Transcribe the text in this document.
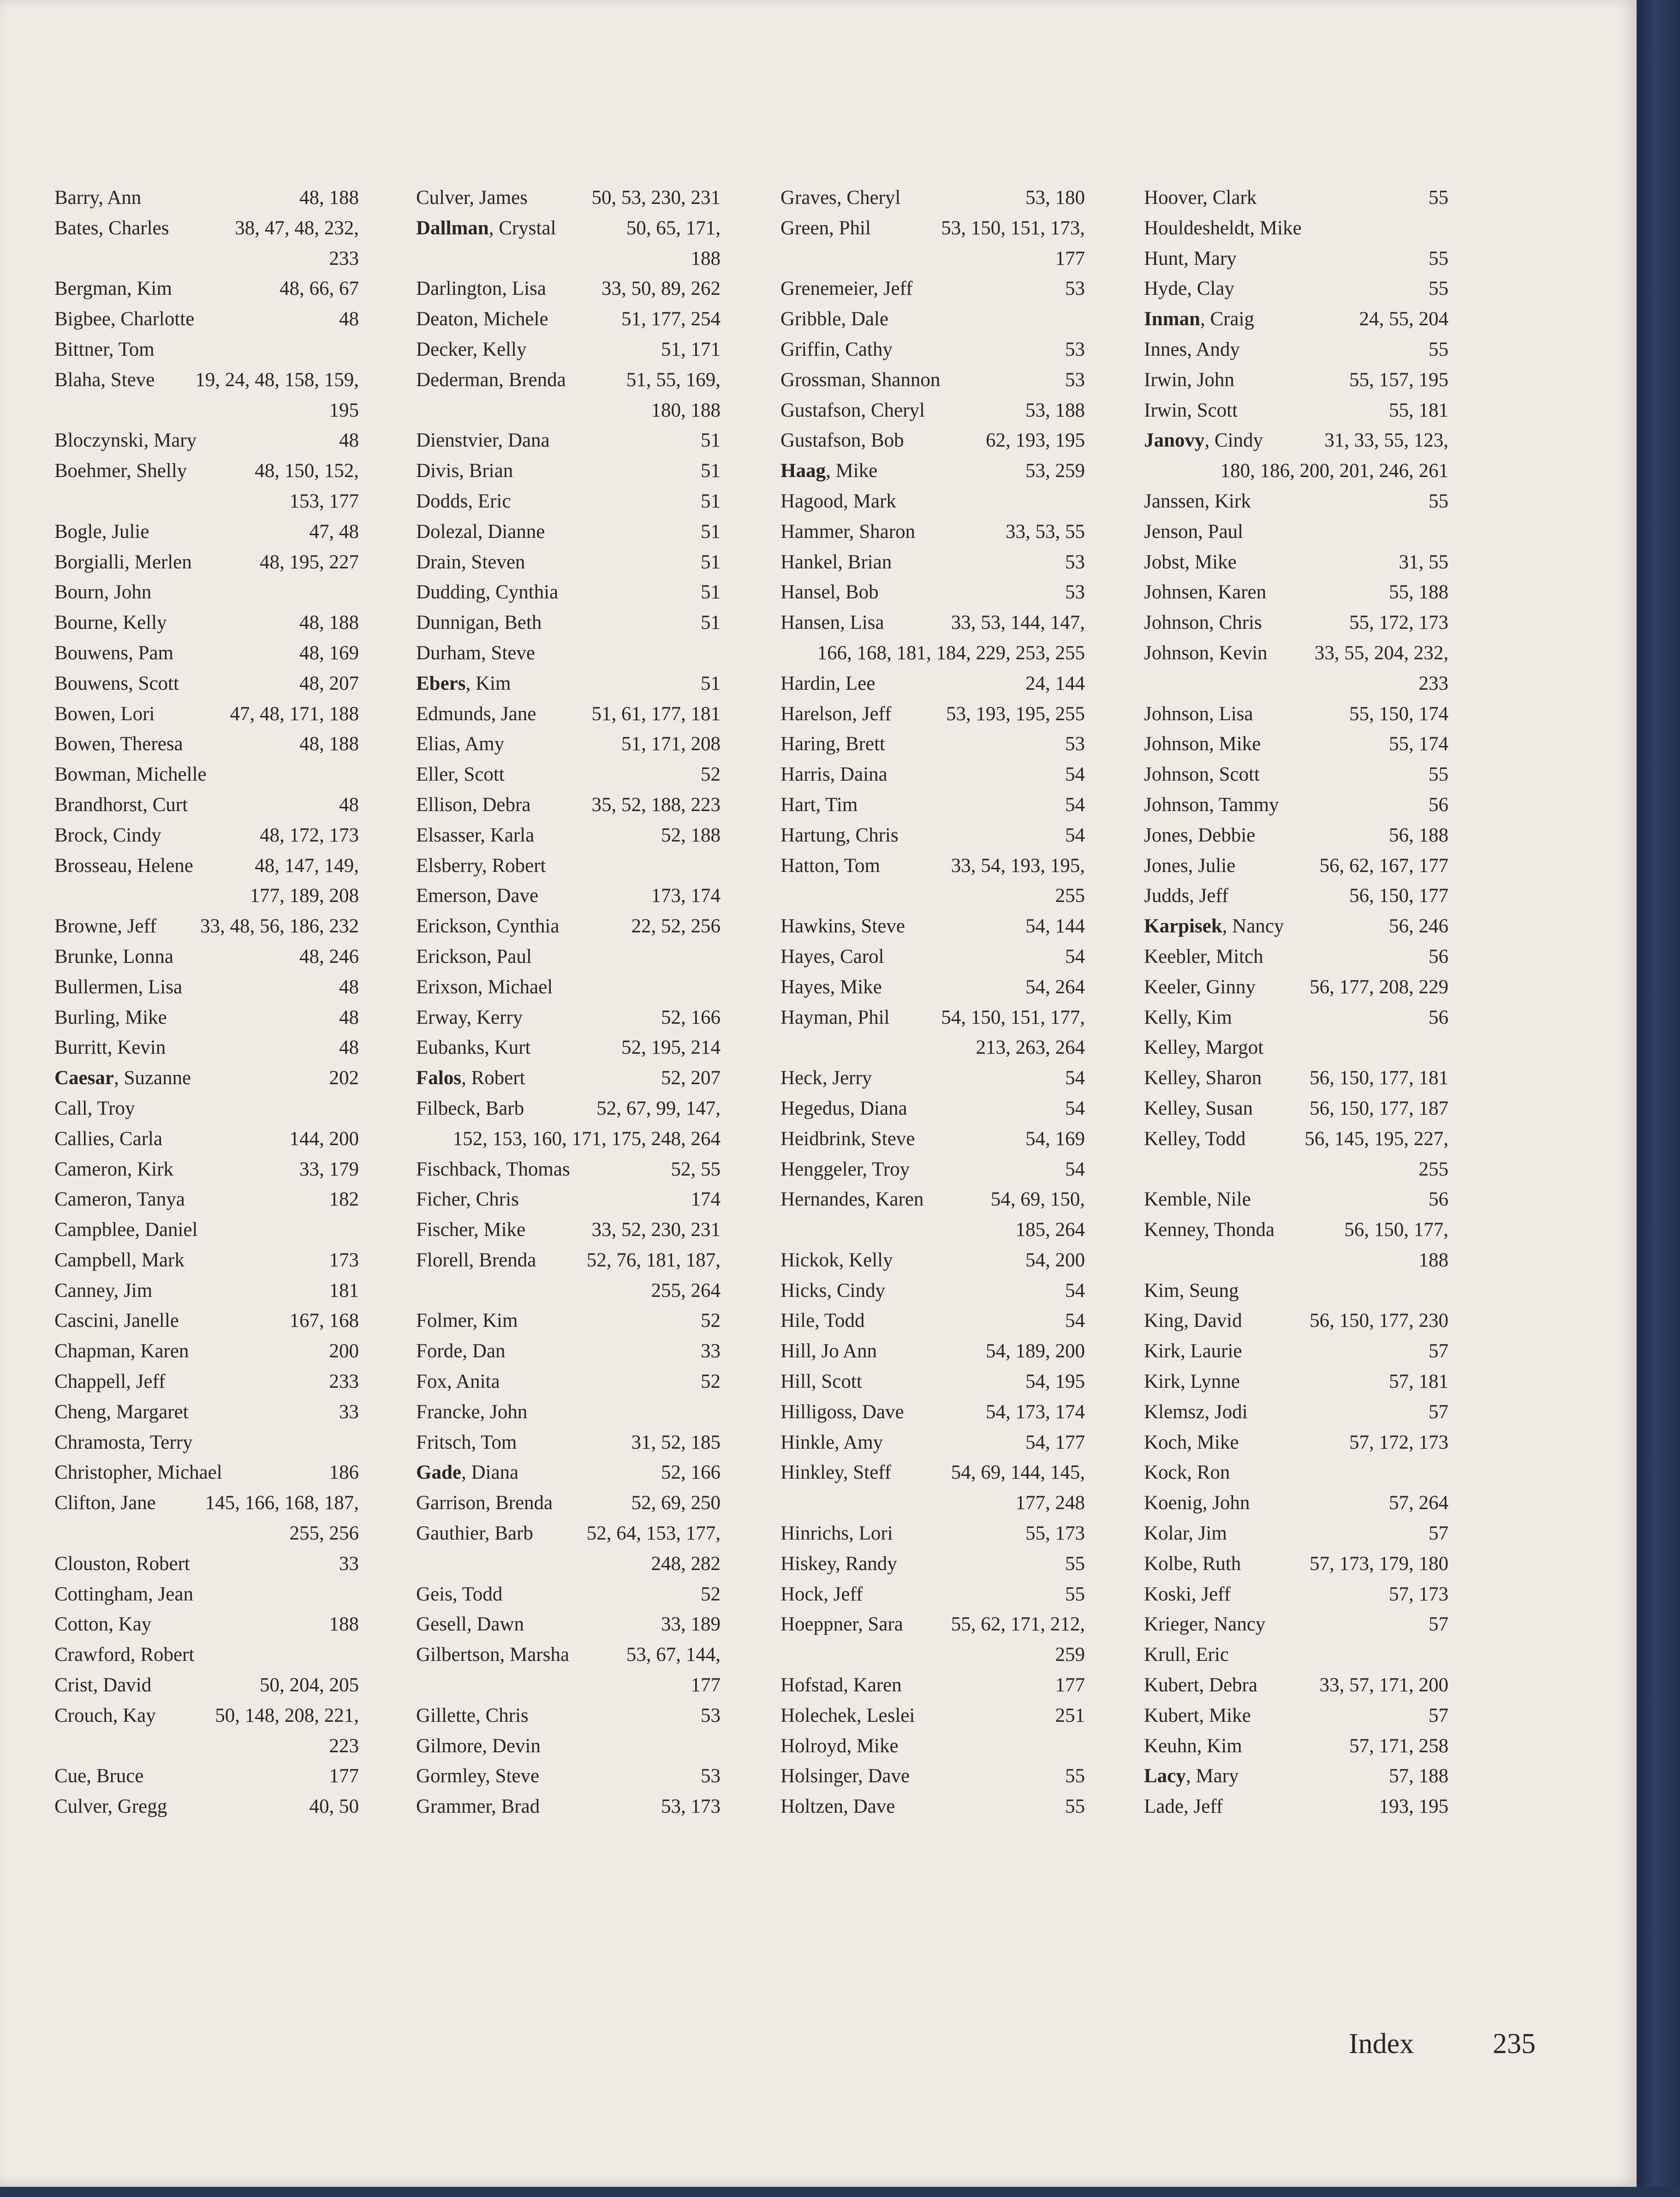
Barry, Ann	48, 188
Bates, Charles	38, 47, 48, 232,
233
Bergman, Kim	48, 66, 67
Bigbee, Charlotte	48
Bittner, Tom
Blaha, Steve 19, 24, 48, 158, 159,
195
Bloczynski, Mary	48
Boehmer, Shelly	48, 150, 152,
153, 177
Bogle, Julie	47, 48
Borgialli, Merlen	48, 195, 227
Bourn, John
Bourne, Kelly	48, 188
Bouwens, Pam	48, 169
Bouwens, Scott	48, 207
Bowen, Lori	47, 48, 171, 188
Bowen, Theresa	48, 188
Bowman, Michelle
Brandhorst, Curt	48
Brock, Cindy	48, 172, 173
Brosseau, Helene	48, 147, 149,
177, 189, 208
Browne, Jeff 33, 48, 56, 186, 232
Brunke, Lonna	48, 246
Bullermen, Lisa	48
Burling, Mike	48
Burritt, Kevin	48
Caesar, Suzanne	202
Call, Troy
Callies, Carla	144, 200
Cameron, Kirk	33, 179
Cameron, Tanya	182
Campblee, Daniel
Campbell, Mark	173
Canney, Jim	181
Cascini, Janelle	167, 168
Chapman, Karen	200
Chappell, Jeff	233
Cheng, Margaret	33
Chramosta, Terry
Christopher, Michael	186
Clifton, Jane 145, 166, 168, 187,
255, 256
Clouston, Robert	33
Cottingham, Jean
Cotton, Kay	188
Crawford, Robert
Crist, David	50, 204, 205
Crouch, Kay	50, 148, 208, 221,
223
Cue, Bruce	177
Culver, Gregg	40, 50
Culver, James	50, 53, 230, 231
Dallman, Crystal	50, 65, 171,
188
Darlington, Lisa	33, 50, 89, 262
Deaton, Michele	51, 177, 254
Decker, Kelly	51, 171
Dederman, Brenda	51, 55, 169,
180, 188
Dienstvier, Dana	51
Divis, Brian	51
Dodds, Eric	51
Dolezal, Dianne	51
Drain, Steven	51
Dudding, Cynthia	51
Dunnigan, Beth	51
Durham, Steve
Ebers, Kim	51
Edmunds, Jane	51, 61, 177, 181
Elias, Amy	51, 171, 208
Eller, Scott	52
Ellison, Debra	35, 52, 188, 223
Elsasser, Karla	52, 188
Elsberry, Robert
Emerson, Dave	173, 174
Erickson, Cynthia	22, 52, 256
Erickson, Paul
Erixson, Michael
Erway, Kerry	52, 166
Eubanks, Kurt	52, 195, 214
Falos, Robert	52, 207
Filbeck, Barb	52, 67, 99, 147,
152, 153, 160, 171, 175, 248, 264
Fischback, Thomas	52, 55
Ficher, Chris	174
Fischer, Mike	33, 52, 230, 231
Florell, Brenda	52, 76, 181, 187,
255, 264
Folmer, Kim	52
Forde, Dan	33
Fox, Anita	52
Francke, John
Fritsch, Tom	31, 52, 185
Gade, Diana	52, 166
Garrison, Brenda	52, 69, 250
Gauthier, Barb	52, 64, 153, 177,
248, 282
Geis, Todd	52
Gesell, Dawn	33, 189
Gilbertson, Marsha	53, 67, 144,
177
Gillette, Chris	53
Gilmore, Devin
Gormley, Steve	53
Grammer, Brad	53, 173
Graves, Cheryl	53, 180
Green, Phil	53, 150, 151, 173,
177
Grenemeier, Jeff	53
Gribble, Dale
Griffin, Cathy	53
Grossman, Shannon	53
Gustafson, Cheryl	53, 188
Gustafson, Bob	62, 193, 195
Haag, Mike	53, 259
Hagood, Mark
Hammer, Sharon	33, 53, 55
Hankel, Brian	53
Hansel, Bob	53
Hansen, Lisa	33, 53, 144, 147,
166, 168, 181, 184, 229, 253, 255
Hardin, Lee	24, 144
Harelson, Jeff	53, 193, 195, 255
Haring, Brett	53
Harris, Daina	54
Hart, Tim	54
Hartung, Chris	54
Hatton, Tom	33, 54, 193, 195,
255
Hawkins, Steve	54, 144
Hayes, Carol	54
Hayes, Mike	54, 264
Hayman, Phil	54, 150, 151, 177,
213, 263, 264
Heck, Jerry	54
Hegedus, Diana	54
Heidbrink, Steve	54, 169
Henggeler, Troy	54
Hernandes, Karen	54, 69, 150,
185, 264
Hickok, Kelly	54, 200
Hicks, Cindy	54
Hile, Todd	54
Hill, Jo Ann	54, 189, 200
Hill, Scott	54, 195
Hilligoss, Dave	54, 173, 174
Hinkle, Amy	54, 177
Hinkley, Steff	54, 69, 144, 145,
177, 248
Hinrichs, Lori	55, 173
Hiskey, Randy	55
Hock, Jeff	55
Hoeppner, Sara 55, 62, 171, 212,
259
Hofstad, Karen	177
Holechek, Leslei	251
Holroyd, Mike
Holsinger, Dave	55
Holtzen, Dave	55
Hoover, Clark	55
Houldesheldt, Mike
Hunt, Mary	55
Hyde, Clay	55
Inman, Craig	24, 55, 204
Innes, Andy	55
Irwin, John	55, 157, 195
Irwin, Scott	55, 181
Janovy, Cindy	31, 33, 55, 123,
180, 186, 200, 201, 246, 261
Janssen, Kirk	55
Jenson, Paul
Jobst, Mike	31, 55
Johnsen, Karen	55, 188
Johnson, Chris	55, 172, 173
Johnson, Kevin 33, 55, 204, 232,
233
Johnson, Lisa	55, 150, 174
Johnson, Mike	55, 174
Johnson, Scott	55
Johnson, Tammy	56
Jones, Debbie	56, 188
Jones, Julie	56, 62, 167, 177
Judds, Jeff	56, 150, 177
Karpisek, Nancy	56, 246
Keebler, Mitch	56
Keeler, Ginny	56, 177, 208, 229
Kelly, Kim	56
Kelley, Margot
Kelley, Sharon 56, 150, 177, 181
Kelley, Susan	56, 150, 177, 187
Kelley, Todd	56, 145, 195, 227,
255
Kemble, Nile	56
Kenney, Thonda	56, 150, 177,
188
Kim, Seung
King, David	56, 150, 177, 230
Kirk, Laurie	57
Kirk, Lynne	57, 181
Klemsz, Jodi	57
Koch, Mike	57, 172, 173
Kock, Ron
Koenig, John	57, 264
Kolar, Jim	57
Kolbe, Ruth	57, 173, 179, 180
Koski, Jeff	57, 173
Krieger, Nancy	57
Krull, Eric
Kubert, Debra	33, 57, 171, 200
Kubert, Mike	57
Keuhn, Kim	57, 171, 258
Lacy, Mary	57, 188
Lade, Jeff	193, 195
Index	235
